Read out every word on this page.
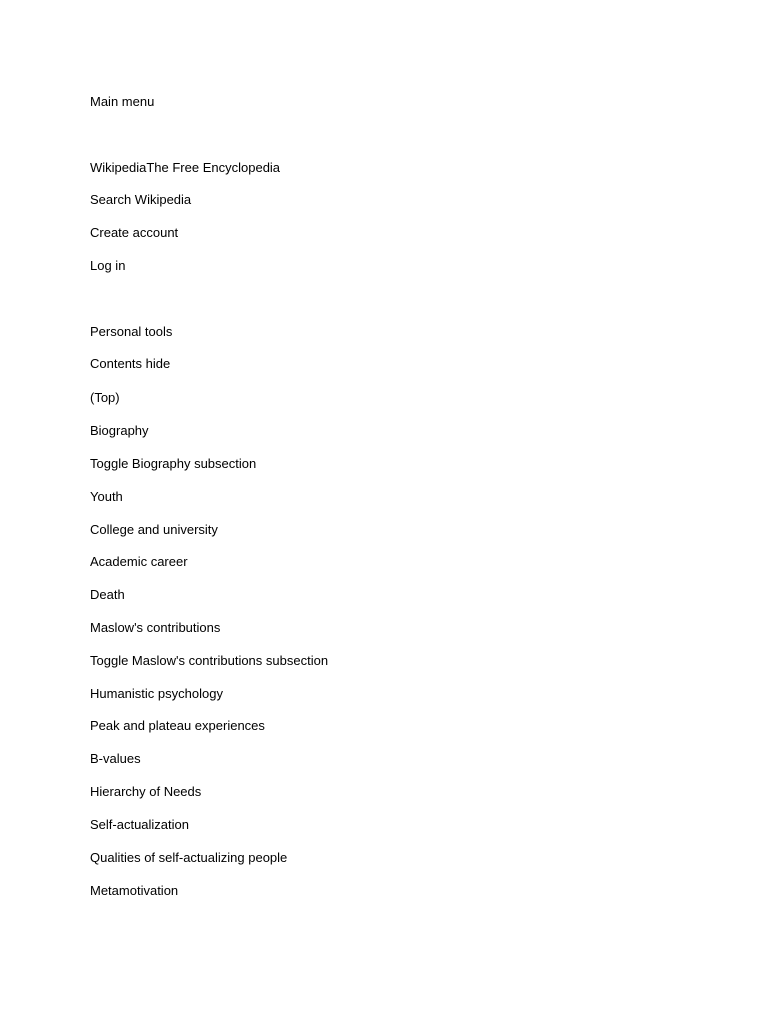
Main menu
WikipediaThe Free Encyclopedia
Search Wikipedia
Create account
Log in
Personal tools
Contents hide
(Top)
Biography
Toggle Biography subsection
Youth
College and university
Academic career
Death
Maslow's contributions
Toggle Maslow's contributions subsection
Humanistic psychology
Peak and plateau experiences
B-values
Hierarchy of Needs
Self-actualization
Qualities of self-actualizing people
Metamotivation
